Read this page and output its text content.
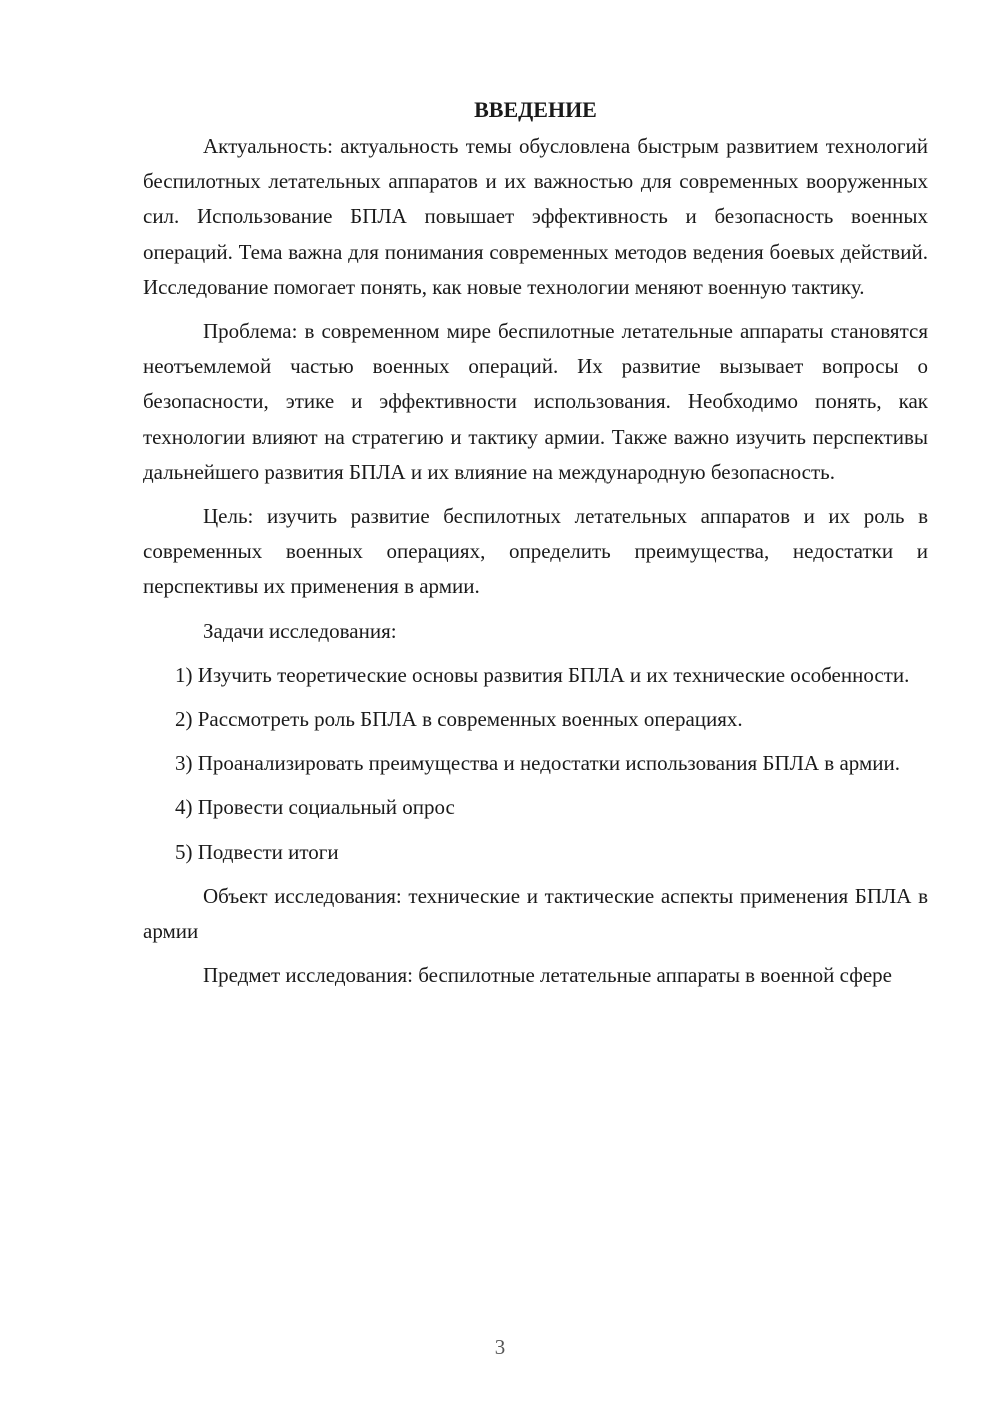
ВВЕДЕНИЕ

Актуальность: актуальность темы обусловлена быстрым развитием технологий беспилотных летательных аппаратов и их важностью для современных вооруженных сил. Использование БПЛА повышает эффективность и безопасность военных операций. Тема важна для понимания современных методов ведения боевых действий. Исследование помогает понять, как новые технологии меняют военную тактику.

Проблема: в современном мире беспилотные летательные аппараты становятся неотъемлемой частью военных операций. Их развитие вызывает вопросы о безопасности, этике и эффективности использования. Необходимо понять, как технологии влияют на стратегию и тактику армии. Также важно изучить перспективы дальнейшего развития БПЛА и их влияние на международную безопасность.

Цель: изучить развитие беспилотных летательных аппаратов и их роль в современных военных операциях, определить преимущества, недостатки и перспективы их применения в армии.

Задачи исследования:

1) Изучить теоретические основы развития БПЛА и их технические особенности.

2) Рассмотреть роль БПЛА в современных военных операциях.

3) Проанализировать преимущества и недостатки использования БПЛА в армии.

4) Провести социальный опрос

5) Подвести итоги

Объект исследования: технические и тактические аспекты применения БПЛА в армии

Предмет исследования: беспилотные летательные аппараты в военной сфере

3
